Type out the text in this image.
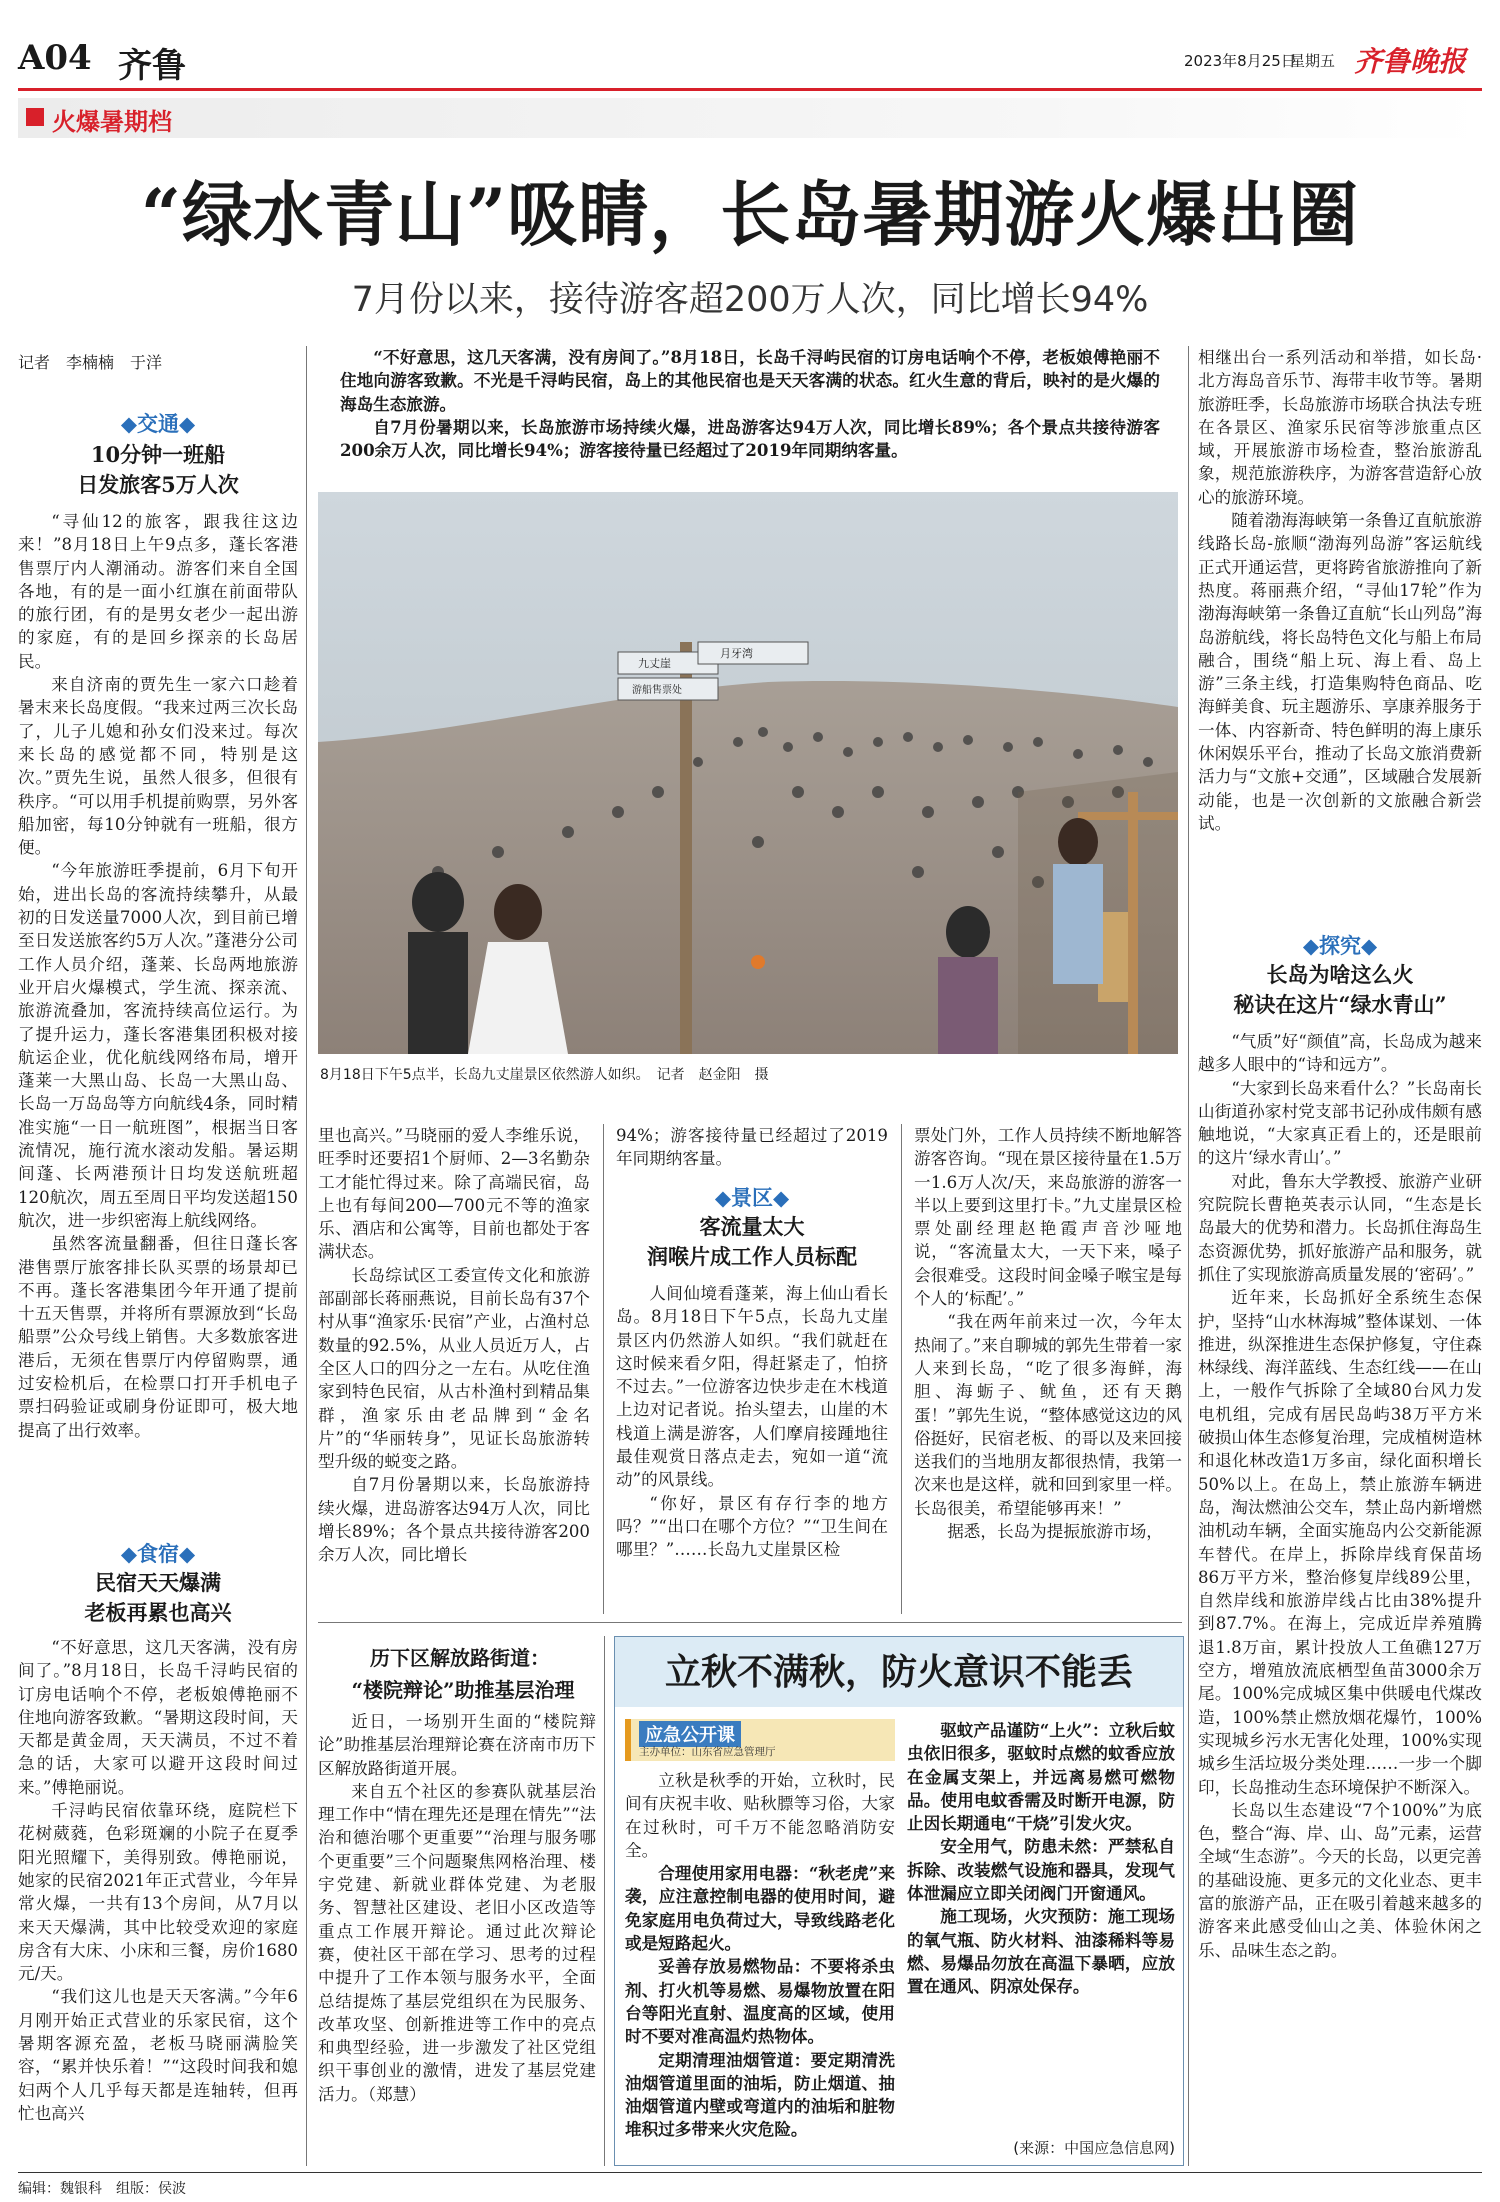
A04 齐鲁	2023年8月25日
星期五 齐鲁晚报
火爆暑期档
“绿水青山”吸睛，长岛暑期游火爆出圈
7月份以来，接待游客超200万人次，同比增长94%
记者　李楠楠　于洋	“不好意思，这几天客满，没有房间了。”8月18日，长岛千浔屿民宿的订房电话响个不停，老板娘傅艳丽不住地向游客致歉。不光是千浔屿民宿，岛上的其他民宿也是天天客满的状态。红火生意的背后，映衬的是火爆的海岛生态旅游。

自7月份暑期以来，长岛旅游市场持续火爆，进岛游客达94万人次，同比增长89%；各个景点共接待游客200余万人次，同比增长94%；游客接待量已经超过了2019年同期纳客量。

九丈崖
游船售票处
月牙湾
8月18日下午5点半，长岛九丈崖景区依然游人如织。　记者　赵金阳　摄
◆交通◆
10分钟一班船
日发旅客5万人次

“寻仙12的旅客，跟我往这边来！”8月18日上午9点多，蓬长客港售票厅内人潮涌动。游客们来自全国各地，有的是一面小红旗在前面带队的旅行团，有的是男女老少一起出游的家庭，有的是回乡探亲的长岛居民。

来自济南的贾先生一家六口趁着暑末来长岛度假。“我来过两三次长岛了，儿子儿媳和孙女们没来过。每次来长岛的感觉都不同，特别是这次。”贾先生说，虽然人很多，但很有秩序。“可以用手机提前购票，另外客船加密，每10分钟就有一班船，很方便。

“今年旅游旺季提前，6月下旬开始，进出长岛的客流持续攀升，从最初的日发送量7000人次，到目前已增至日发送旅客约5万人次。”蓬港分公司工作人员介绍，蓬莱、长岛两地旅游业开启火爆模式，学生流、探亲流、旅游流叠加，客流持续高位运行。为了提升运力，蓬长客港集团积极对接航运企业，优化航线网络布局，增开蓬莱一大黑山岛、长岛一大黑山岛、长岛一万岛岛等方向航线4条，同时精准实施“一日一航班图”，根据当日客流情况，施行流水滚动发船。暑运期间蓬、长两港预计日均发送航班超120航次，周五至周日平均发送超150航次，进一步织密海上航线网络。

虽然客流量翻番，但往日蓬长客港售票厅旅客排长队买票的场景却已不再。蓬长客港集团今年开通了提前十五天售票，并将所有票源放到“长岛船票”公众号线上销售。大多数旅客进港后，无须在售票厅内停留购票，通过安检机后，在检票口打开手机电子票扫码验证或刷身份证即可，极大地提高了出行效率。

◆食宿◆
民宿天天爆满
老板再累也高兴

“不好意思，这几天客满，没有房间了。”8月18日，长岛千浔屿民宿的订房电话响个不停，老板娘傅艳丽不住地向游客致歉。“暑期这段时间，天天都是黄金周，天天满员，不过不着急的话，大家可以避开这段时间过来。”傅艳丽说。

千浔屿民宿依靠环绕，庭院栏下花树葳蕤，色彩斑斓的小院子在夏季阳光照耀下，美得别致。傅艳丽说，她家的民宿2021年正式营业，今年异常火爆，一共有13个房间，从7月以来天天爆满，其中比较受欢迎的家庭房含有大床、小床和三餐，房价1680元/天。

“我们这儿也是天天客满。”今年6月刚开始正式营业的乐家民宿，这个暑期客源充盈，老板马晓丽满脸笑容，“累并快乐着！”“这段时间我和媳妇两个人几乎每天都是连轴转，但再忙也高兴

里也高兴。”马晓丽的爱人李维乐说，旺季时还要招1个厨师、2—3名勤杂工才能忙得过来。除了高端民宿，岛上也有每间200—700元不等的渔家乐、酒店和公寓等，目前也都处于客满状态。

长岛综试区工委宣传文化和旅游部副部长蒋丽燕说，目前长岛有37个村从事“渔家乐·民宿”产业，占渔村总数量的92.5%，从业人员近万人，占全区人口的四分之一左右。从吃住渔家到特色民宿，从古朴渔村到精品集群，渔家乐由老品牌到“金名片”的“华丽转身”，见证长岛旅游转型升级的蜕变之路。

自7月份暑期以来，长岛旅游持续火爆，进岛游客达94万人次，同比增长89%；各个景点共接待游客200余万人次，同比增长

94%；游客接待量已经超过了2019年同期纳客量。

◆景区◆
客流量太大
润喉片成工作人员标配

人间仙境看蓬莱，海上仙山看长岛。8月18日下午5点，长岛九丈崖景区内仍然游人如织。“我们就赶在这时候来看夕阳，得赶紧走了，怕挤不过去。”一位游客边快步走在木栈道上边对记者说。抬头望去，山崖的木栈道上满是游客，人们摩肩接踵地往最佳观赏日落点走去，宛如一道“流动”的风景线。

“你好，景区有存行李的地方吗？”“出口在哪个方位？”“卫生间在哪里？”……长岛九丈崖景区检

票处门外，工作人员持续不断地解答游客咨询。“现在景区接待量在1.5万一1.6万人次/天，来岛旅游的游客一半以上要到这里打卡。”九丈崖景区检票处副经理赵艳霞声音沙哑地说，“客流量太大，一天下来，嗓子会很难受。这段时间金嗓子喉宝是每个人的‘标配’。”

“我在两年前来过一次，今年太热闹了。”来自聊城的郭先生带着一家人来到长岛，“吃了很多海鲜，海胆、海蛎子、鱿鱼，还有天鹅蛋！”郭先生说，“整体感觉这边的风俗挺好，民宿老板、的哥以及来回接送我们的当地朋友都很热情，我第一次来也是这样，就和回到家里一样。长岛很美，希望能够再来！”

据悉，长岛为提振旅游市场，

相继出台一系列活动和举措，如长岛·北方海岛音乐节、海带丰收节等。暑期旅游旺季，长岛旅游市场联合执法专班在各景区、渔家乐民宿等涉旅重点区域，开展旅游市场检查，整治旅游乱象，规范旅游秩序，为游客营造舒心放心的旅游环境。

随着渤海海峡第一条鲁辽直航旅游线路长岛-旅顺“渤海列岛游”客运航线正式开通运营，更将跨省旅游推向了新热度。蒋丽燕介绍，“寻仙17轮”作为渤海海峡第一条鲁辽直航“长山列岛”海岛游航线，将长岛特色文化与船上布局融合，围绕“船上玩、海上看、岛上游”三条主线，打造集购特色商品、吃海鲜美食、玩主题游乐、享康养服务于一体、内容新奇、特色鲜明的海上康乐休闲娱乐平台，推动了长岛文旅消费新活力与“文旅+交通”，区域融合发展新动能，也是一次创新的文旅融合新尝试。

◆探究◆
长岛为啥这么火
秘诀在这片“绿水青山”

“气质”好“颜值”高，长岛成为越来越多人眼中的“诗和远方”。

“大家到长岛来看什么？”长岛南长山街道孙家村党支部书记孙成伟颇有感触地说，“大家真正看上的，还是眼前的这片‘绿水青山’。”

对此，鲁东大学教授、旅游产业研究院院长曹艳英表示认同，“生态是长岛最大的优势和潜力。长岛抓住海岛生态资源优势，抓好旅游产品和服务，就抓住了实现旅游高质量发展的‘密码’。”

近年来，长岛抓好全系统生态保护，坚持“山水林海城”整体谋划、一体推进，纵深推进生态保护修复，守住森林绿线、海洋蓝线、生态红线——在山上，一般作气拆除了全域80台风力发电机组，完成有居民岛屿38万平方米破损山体生态修复治理，完成植树造林和退化林改造1万多亩，绿化面积增长50%以上。在岛上，禁止旅游车辆进岛，淘汰燃油公交车，禁止岛内新增燃油机动车辆，全面实施岛内公交新能源车替代。在岸上，拆除岸线育保苗场86万平方米，整治修复岸线89公里，自然岸线和旅游岸线占比由38%提升到87.7%。在海上，完成近岸养殖腾退1.8万亩，累计投放人工鱼礁127万空方，增殖放流底栖型鱼苗3000余万尾。100%完成城区集中供暖电代煤改造，100%禁止燃放烟花爆竹，100%实现城乡污水无害化处理，100%实现城乡生活垃圾分类处理……一步一个脚印，长岛推动生态环境保护不断深入。

长岛以生态建设“7个100%”为底色，整合“海、岸、山、岛”元素，运营全域“生态游”。今天的长岛，以更完善的基础设施、更多元的文化业态、更丰富的旅游产品，正在吸引着越来越多的游客来此感受仙山之美、体验休闲之乐、品味生态之韵。

历下区解放路街道：
“楼院辩论”助推基层治理

近日，一场别开生面的“楼院辩论”助推基层治理辩论赛在济南市历下区解放路街道开展。

来自五个社区的参赛队就基层治理工作中“情在理先还是理在情先”“法治和德治哪个更重要”“治理与服务哪个更重要”三个问题聚焦网格治理、楼宇党建、新就业群体党建、为老服务、智慧社区建设、老旧小区改造等重点工作展开辩论。通过此次辩论赛，使社区干部在学习、思考的过程中提升了工作本领与服务水平，全面总结提炼了基层党组织在为民服务、改革攻坚、创新推进等工作中的亮点和典型经验，进一步激发了社区党组织干事创业的激情，进发了基层党建活力。（郑慧）

立秋不满秋，防火意识不能丢
应急公开课
主办单位：山东省应急管理厅

立秋是秋季的开始，立秋时，民间有庆祝丰收、贴秋膘等习俗，大家在过秋时，可千万不能忽略消防安全。

合理使用家用电器：“秋老虎”来袭，应注意控制电器的使用时间，避免家庭用电负荷过大，导致线路老化或是短路起火。

妥善存放易燃物品：不要将杀虫剂、打火机等易燃、易爆物放置在阳台等阳光直射、温度高的区域，使用时不要对准高温灼热物体。

定期清理油烟管道：要定期清洗油烟管道里面的油垢，防止烟道、抽油烟管道内壁或弯道内的油垢和脏物堆积过多带来火灾危险。

驱蚊产品谨防“上火”：立秋后蚊虫依旧很多，驱蚊时点燃的蚊香应放在金属支架上，并远离易燃可燃物品。使用电蚊香需及时断开电源，防止因长期通电“干烧”引发火灾。

安全用气，防患未然：严禁私自拆除、改装燃气设施和器具，发现气体泄漏应立即关闭阀门开窗通风。

施工现场，火灾预防：施工现场的氧气瓶、防火材料、油漆稀料等易燃、易爆品勿放在高温下暴晒，应放置在通风、阴凉处保存。

(来源：中国应急信息网)
编辑：魏银科　组版：侯波
